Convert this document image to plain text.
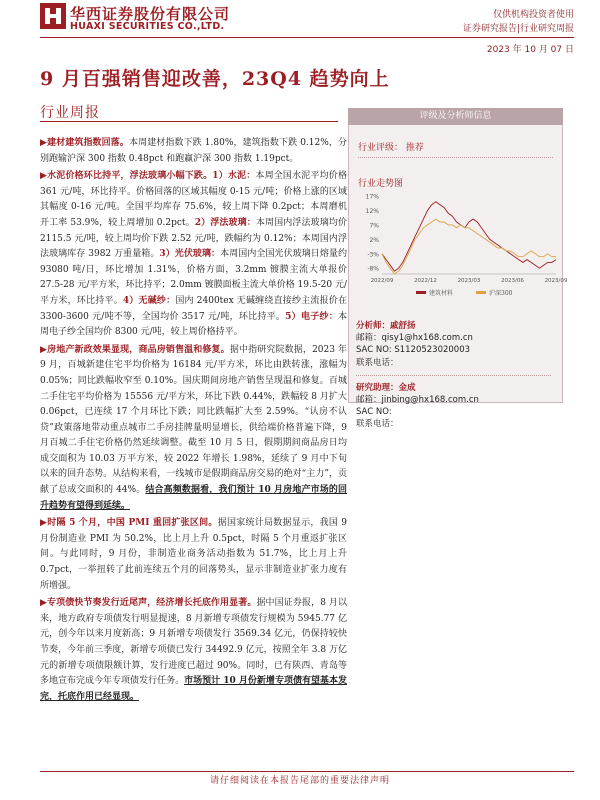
华西证券股份有限公司
HUAXI SECURITIES CO.,LTD.
仅供机构投资者使用
证券研究报告|行业研究周报
2023 年 10 月 07 日
9 月百强销售迎改善，23Q4 趋势向上
行业周报

▶建材建筑指数回落。本周建材指数下跌 1.80%，建筑指数下跌 0.12%，分别跑输沪深 300 指数 0.48pct 和跑赢沪深 300 指数 1.19pct。

▶水泥价格环比持平，浮法玻璃小幅下跌。1）水泥：本周全国水泥平均价格 361 元/吨，环比持平。价格回落的区域其幅度 0-15 元/吨；价格上涨的区域其幅度 0-16 元/吨。全国平均库存 75.6%，较上周下降 0.2pct；本周磨机开工率 53.9%，较上周增加 0.2pct。2）浮法玻璃：本周国内浮法玻璃均价 2115.5 元/吨，较上周均价下跌 2.52 元/吨，跌幅约为 0.12%；本周国内浮法玻璃库存 3982 万重量箱。3）光伏玻璃：本周国内全国光伏玻璃日熔量约 93080 吨/日，环比增加 1.31%，价格方面，3.2mm 镀膜主流大单报价 27.5-28 元/平方米，环比持平；2.0mm 镀膜面板主流大单价格 19.5-20 元/平方米，环比持平。4）无碱纱：国内 2400tex 无碱缠绕直接纱主流报价在 3300-3600 元/吨不等，全国均价 3517 元/吨，环比持平。5）电子纱：本周电子纱全国均价 8300 元/吨，较上周价格持平。

▶房地产新政效果显现，商品房销售温和修复。据中指研究院数据，2023 年 9 月，百城新建住宅平均价格为 16184 元/平方米，环比由跌转涨，涨幅为 0.05%；同比跌幅收窄至 0.10%。国庆期间房地产销售呈现温和修复。百城二手住宅平均价格为 15556 元/平方米，环比下跌 0.44%，跌幅较 8 月扩大 0.06pct，已连续 17 个月环比下跌；同比跌幅扩大至 2.59%。“认房不认贷”政策落地带动重点城市二手房挂牌量明显增长，供给端价格普遍下降，9 月百城二手住宅价格仍然延续调整。截至 10 月 5 日，假期期间商品房日均成交面积为 10.03 万平方米，较 2022 年增长 1.98%，延续了 9 月中下旬以来的回升态势。从结构来看，一线城市是假期商品房交易的绝对“主力”，贡献了总成交面积的 44%。结合高频数据看，我们预计 10 月房地产市场的回升趋势有望得到延续。

▶时隔 5 个月，中国 PMI 重回扩张区间。据国家统计局数据显示，我国 9 月份制造业 PMI 为 50.2%，比上月上升 0.5pct，时隔 5 个月重返扩张区间。与此同时，9 月份，非制造业商务活动指数为 51.7%，比上月上升 0.7pct，一举扭转了此前连续五个月的回落势头，显示非制造业扩张力度有所增强。

▶专项债快节奏发行近尾声，经济增长托底作用显著。据中国证券报，8 月以来，地方政府专项债发行明显提速，8 月新增专项债发行规模为 5945.77 亿元，创今年以来月度新高；9 月新增专项债发行 3569.34 亿元，仍保持较快节奏，今年前三季度，新增专项债已发行 34492.9 亿元，按照全年 3.8 万亿元的新增专项债限额计算，发行进度已超过 90%。同时，已有陕西、青岛等多地宣布完成今年专项债发行任务。市场预计 10 月份新增专项债有望基本发完，托底作用已经显现。

评级及分析师信息
行业评级： 推荐
行业走势图
17%
12%
7%
2%
-3%
-8%
2022/09	2022/12	2023/03	2023/06	2023/09
建筑材料	沪深300
分析师：戚舒扬
邮箱：qisy1@hx168.com.cn
SAC NO: S1120523020003
联系电话：
研究助理：金成
邮箱：jinbing@hx168.com.cn
SAC NO:
联系电话：
请仔细阅读在本报告尾部的重要法律声明
